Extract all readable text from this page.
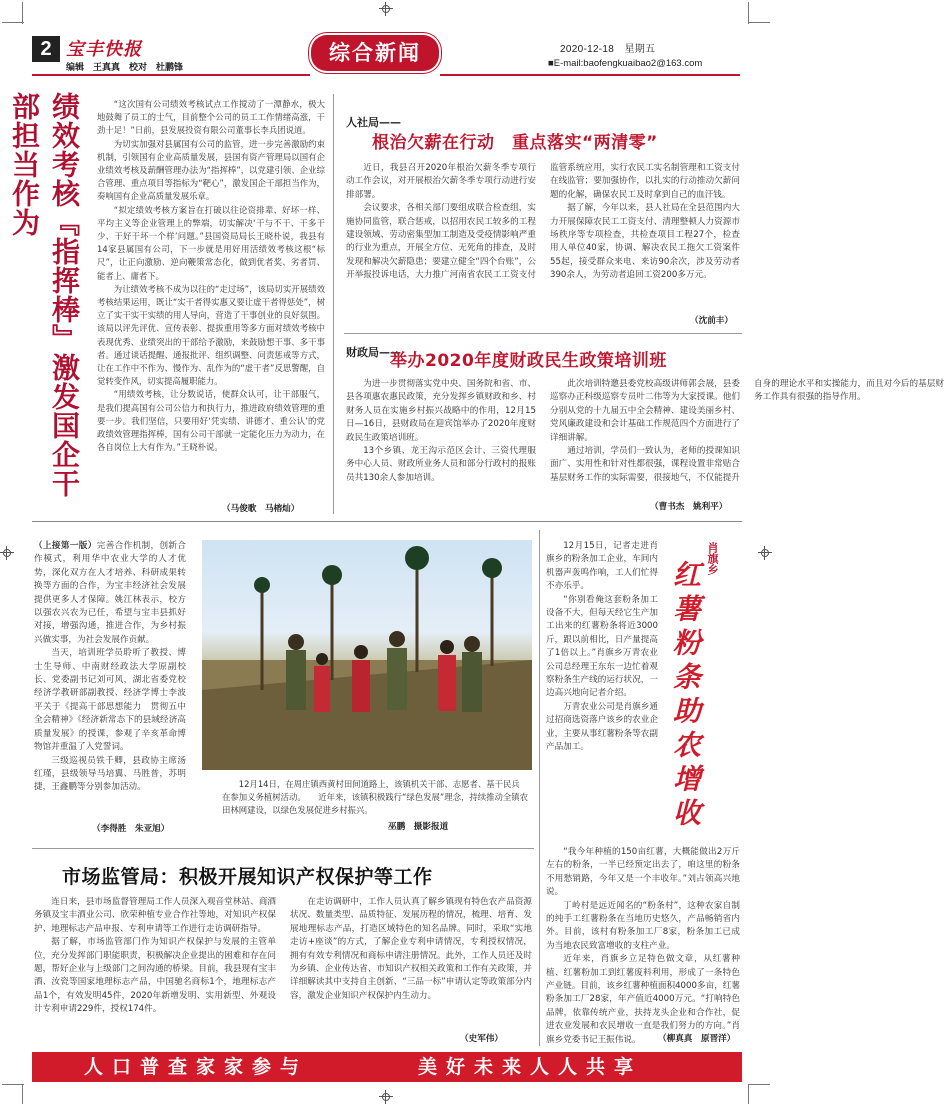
2 宝丰快报
编辑　王真真　校对　杜鹏锋
综合新闻	2020-12-18　星期五
■E-mail:baofengkuaibao2@163.com
绩效考核『指挥棒』激发国企干部担当作为	“这次国有公司绩效考核试点工作搅动了一潭静水，极大地鼓舞了员工的士气，目前整个公司的员工工作情绪高涨，干劲十足！”日前，县发展投资有限公司董事长李兵团说道。

为切实加强对县属国有公司的监管，进一步完善激励约束机制，引领国有企业高质量发展，县国有资产管理局以国有企业绩效考核及薪酬管理办法为“指挥棒”，以党建引领、企业综合管理、重点项目等指标为“靶心”，激发国企干部担当作为，奏响国有企业高质量发展乐章。

“拟定绩效考核方案旨在打破以往论资排辈、好坏一样、平均主义等企业管理上的弊端，切实解决‘干与不干、干多干少、干好干坏一个样’问题。”县国资局局长王晓朴说，我县有14家县属国有公司，下一步就是用好用活绩效考核这根“标尺”，让正向激励、逆向鞭策常态化，做到优者奖、劣者罚、能者上、庸者下。

为让绩效考核不成为以往的“走过场”，该局切实开展绩效考核结果运用，既让“实干者得实惠又要让虚干者得惩处”，树立了实干实干实绩的用人导向，营造了干事创业的良好氛围。该局以评先评优、宣传表彰、提拔重用等多方面对绩效考核中表现优秀、业绩突出的干部给予激励，来鼓励想干事、多干事者。通过谈话提醒、通报批评、组织调整、问责惩戒等方式，让在工作中不作为、慢作为、乱作为的“虚干者”反思警醒，自觉转变作风，切实提高履职能力。

“用绩效考核，让分数说话，使群众认可，让干部服气，是我们提高国有公司公信力和执行力，推进政府绩效管理的重要一步。我们坚信，只要用好‘凭实绩、讲德才、重公认’的党政绩效管理指挥棒，国有公司干部就一定能化压力为动力，在各自岗位上大有作为。”王晓朴说。

（马俊歌　马榕灿）
人社局——
根治欠薪在行动　重点落实“两清零”

近日，我县召开2020年根治欠薪冬季专项行动工作会议，对开展根治欠薪冬季专项行动进行安排部署。

会议要求，各相关部门要组成联合检查组，实施协同监管，联合惩戒，以招用农民工较多的工程建设领域、劳动密集型加工制造及受疫情影响严重的行业为重点，开展全方位、无死角的排查，及时发现和解决欠薪隐患；要建立健全“四个台账”，公开举报投诉电话，大力推广河南省农民工工资支付监管系统应用，实行农民工实名制管理和工资支付在线监管；要加强协作，以扎实的行动推动欠薪问题的化解，确保农民工及时拿到自己的血汗钱。

据了解，今年以来，县人社局在全县范围内大力开展保障农民工工资支付、清理整顿人力资源市场秩序等专项检查，共检查项目工程27个，检查用人单位40家，协调、解决农民工拖欠工资案件55起，接受群众来电、来访90余次，涉及劳动者390余人，为劳动者追回工资200多万元。

（沈前丰）
财政局——
举办2020年度财政民生政策培训班

为进一步贯彻落实党中央、国务院和省、市、县各项惠农惠民政策，充分发挥乡镇财政和乡、村财务人员在实施乡村振兴战略中的作用，12月15日—16日，县财政局在迎宾馆举办了2020年度财政民生政策培训班。

13个乡镇、龙王沟示范区会计、三资代理服务中心人员、财政所业务人员和部分行政村的报账员共130余人参加培训。

此次培训特邀县委党校高级讲师郭会展，县委巡察办正科级巡察专员叶二伟等为大家授课。他们分别从党的十九届五中全会精神、建设美丽乡村、党风廉政建设和会计基础工作规范四个方面进行了详细讲解。

通过培训，学员们一致认为，老师的授课知识面广、实用性和针对性都很强，课程设置非常贴合基层财务工作的实际需要，很接地气，不仅能提升自身的理论水平和实操能力，而且对今后的基层财务工作具有很强的指导作用。

（曹书杰　姚利平）

（上接第一版）完善合作机制，创新合作模式，利用华中农业大学的人才优势，深化双方在人才培养、科研成果转换等方面的合作，为宝丰经济社会发展提供更多人才保障。姚江林表示，校方以强农兴农为已任，希望与宝丰县抓好对接，增强沟通，推进合作，为乡村振兴做实事，为社会发展作贡献。

当天，培训班学员聆听了教授、博士生导师、中南财经政法大学原副校长、党委副书记刘可风，湖北省委党校经济学教研部副教授、经济学博士李波平关于《提高干部思想能力　贯彻五中全会精神》《经济新常态下的县域经济高质量发展》的授课，参观了辛亥革命博物馆并重温了入党誓词。

三级巡视员铁千卿，县政协主席汤红瑾，县级领导马培翼、马胜普，苏明捷，王鑫鹏等分别参加活动。

（李得胜　朱亚旭）
12月14日，在周庄镇西黄村田间道路上，该镇机关干部、志愿者、基干民兵在参加义务植树活动。　　近年来，该镇积极践行“绿色发展”理念，持续推动全镇农田林网建设，以绿色发展促进乡村振兴。
巫鹏　摄影报道

12月15日，记者走进肖旗乡的粉条加工企业，车间内机器声轰鸣作响，工人们忙得不亦乐乎。

“你别看俺这套粉条加工设备不大，但每天经它生产加工出来的红薯粉条将近3000斤，跟以前相比，日产量提高了1倍以上。”肖旗乡万青农业公司总经理王东东一边忙着观察粉条生产线的运行状况，一边高兴地向记者介绍。

万青农业公司是肖旗乡通过招商选资落户该乡的农业企业，主要从事红薯粉条等农副产品加工。

肖旗乡
红薯粉条助农增收

“我今年种植的150亩红薯，大概能做出2万斤左右的粉条，一半已经预定出去了，咱这里的粉条不用愁销路，今年又是一个丰收年。”刘占领高兴地说。

丁岭村是远近闻名的“粉条村”，这种农家自制的纯手工红薯粉条在当地历史悠久，产品畅销省内外。目前，该村有粉条加工厂8家，粉条加工已成为当地农民致富增收的支柱产业。

近年来，肖旗乡立足特色做文章，从红薯种植、红薯粉加工到红薯废料利用，形成了一条特色产业链。目前，该乡红薯种植面积4000多亩，红薯粉条加工厂28家，年产值近4000万元。“打响特色品牌，依靠传统产业，扶持龙头企业和合作社，促进农业发展和农民增收一直是我们努力的方向。”肖旗乡党委书记王振伟说。	（柳真真　原晋洋）
市场监管局：积极开展知识产权保护等工作

连日来，县市场监督管理局工作人员深入观音堂林站、商酒务镇及宝丰酒业公司、欣荣种植专业合作社等地，对知识产权保护、地理标志产品申报、专利申请等工作进行走访调研指导。

据了解，市场监管部门作为知识产权保护与发展的主管单位，充分发挥部门职能职责，积极解决企业提出的困难和存在问题，帮好企业与上级部门之间沟通的桥梁。目前，我县现有宝丰酒、汝瓷等国家地理标志产品，中国驰名商标1个，地理标志产品1个，有效发明45件，2020年新增发明、实用新型、外观设计专利申请229件，授权174件。

在走访调研中，工作人员认真了解乡镇现有特色农产品资源状况、数量类型、品质特征、发展历程的情况，梳理、培育、发展地理标志产品，打造区域特色的知名品牌。同时，采取“实地走访+座谈”的方式，了解企业专利申请情况，专利授权情况，拥有有效专利情况和商标申请注册情况。此外，工作人员还及时为乡镇、企业传达省、市知识产权相关政策和工作有关政策，并详细解读其中支持自主创新、“三品一标”申请认定等政策部分内容，激发企业知识产权保护内生动力。

（史军伟）
人口普查家家参与	美好未来人人共享
